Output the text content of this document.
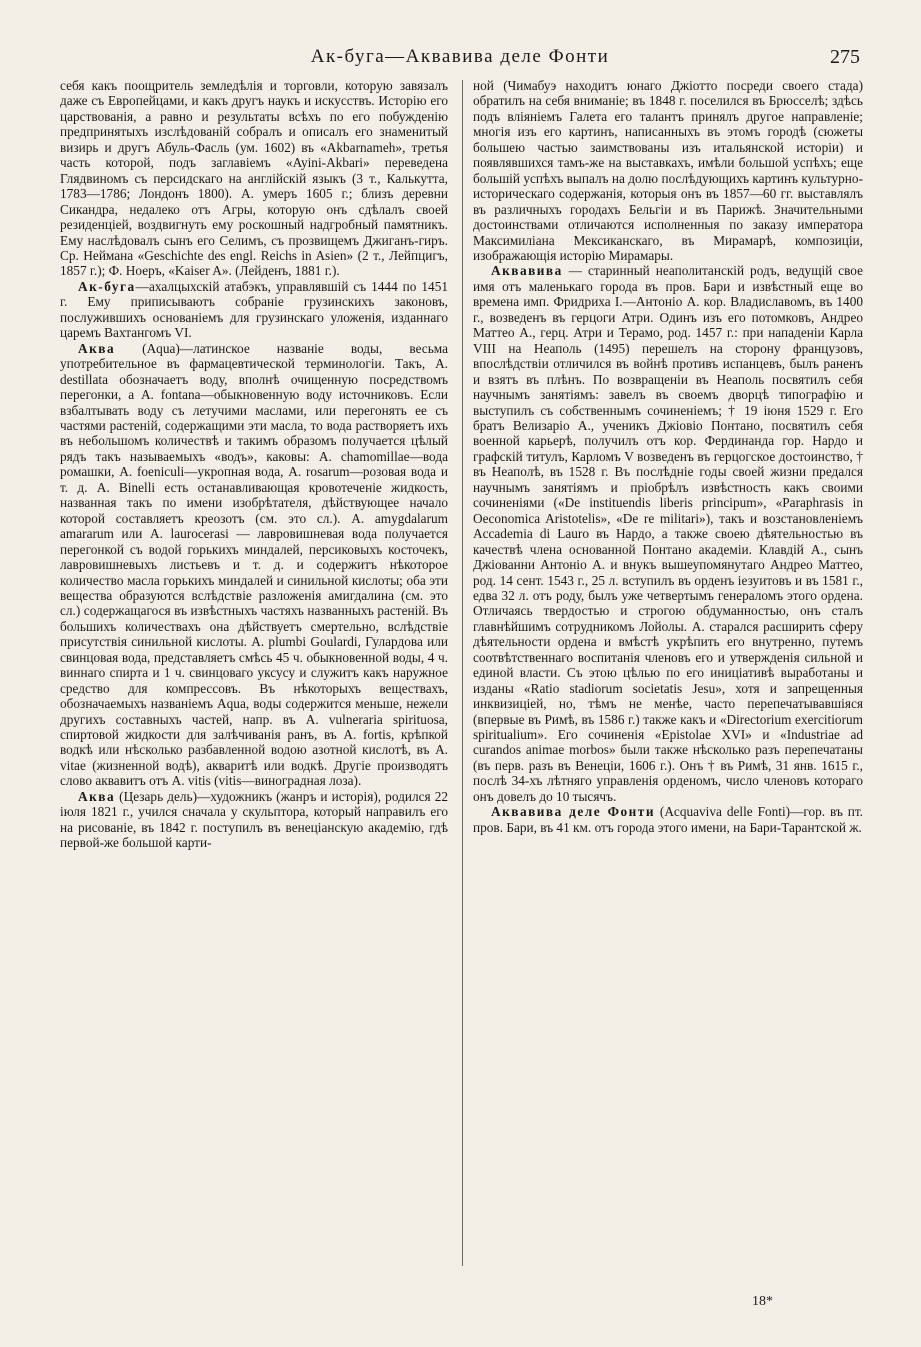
Ак-буга—Аквавива деле Фонти	275

себя какъ поощритель земледѣлія и торговли, которую завязалъ даже съ Европейцами, и какъ другъ наукъ и искусствъ. Исторію его царствованія, а равно и результаты всѣхъ по его побужденію предпринятыхъ изслѣдованій собралъ и описалъ его знаменитый визирь и другъ Абуль-Фасль (ум. 1602) въ «Akbarnameh», третья часть которой, подъ заглавіемъ «Ayini-Akbari» переведена Глядвиномъ съ персидскаго на англійскій языкъ (3 т., Калькутта, 1783—1786; Лондонъ 1800). А. умеръ 1605 г.; близъ деревни Сикандра, недалеко отъ Агры, которую онъ сдѣлалъ своей резиденціей, воздвигнуть ему роскошный надгробный памятникъ. Ему наслѣдовалъ сынъ его Селимъ, съ прозвищемъ Джиганъ-гиръ. Ср. Неймана «Geschichte des engl. Reichs in Asien» (2 т., Лейпцигъ, 1857 г.); Ф. Ноеръ, «Kaiser A». (Лейденъ, 1881 г.).

Ак-буга—ахалцыхскій атабэкъ, управлявшій съ 1444 по 1451 г. Ему приписываютъ собраніе грузинскихъ законовъ, послужившихъ основаніемъ для грузинскаго уложенія, изданнаго царемъ Вахтангомъ VI.

Аква (Aqua)—латинское названіе воды, весьма употребительное въ фармацевтической терминологіи. Такъ, А. destillata обозначаетъ воду, вполнѣ очищенную посредствомъ перегонки, а A. fontana—обыкновенную воду источниковъ. Если взбалтывать воду съ летучими маслами, или перегонять ее съ частями растеній, содержащими эти масла, то вода растворяетъ ихъ въ небольшомъ количествѣ и такимъ образомъ получается цѣлый рядъ такъ называемыхъ «водъ», каковы: A. chamomillae—вода ромашки, A. foeniculi—укропная вода, A. rosarum—розовая вода и т. д. A. Binelli есть останавливающая кровотеченіе жидкость, названная такъ по имени изобрѣтателя, дѣйствующее начало которой составляетъ креозотъ (см. это сл.). A. amygdalarum amararum или A. laurocerasi — лавровишневая вода получается перегонкой съ водой горькихъ миндалей, персиковыхъ косточекъ, лавровишневыхъ листьевъ и т. д. и содержитъ нѣкоторое количество масла горькихъ миндалей и синильной кислоты; оба эти вещества образуются вслѣдствіе разложенія амигдалина (см. это сл.) содержащагося въ извѣстныхъ частяхъ названныхъ растеній. Въ большихъ количествахъ она дѣйствуетъ смертельно, вслѣдствіе присутствія синильной кислоты. A. plumbi Goulardi, Гулардова или свинцовая вода, представляетъ смѣсь 45 ч. обыкновенной воды, 4 ч. виннаго спирта и 1 ч. свинцоваго уксусу и служитъ какъ наружное средство для компрессовъ. Въ нѣкоторыхъ веществахъ, обозначаемыхъ названіемъ Aqua, воды содержится меньше, нежели другихъ составныхъ частей, напр. въ A. vulneraria spirituosa, спиртовой жидкости для залѣчиванія ранъ, въ A. fortis, крѣпкой водкѣ или нѣсколько разбавленной водою азотной кислотѣ, въ A. vitae (жизненной водѣ), акваритѣ или водкѣ. Другіе производятъ слово аквавитъ отъ A. vitis (vitis—виноградная лоза).

Аква (Цезарь дель)—художникъ (жанръ и исторія), родился 22 іюля 1821 г., учился сначала у скульптора, который направилъ его на рисованіе, въ 1842 г. поступилъ въ венеціанскую академію, гдѣ первой-же большой карти-

ной (Чимабуэ находитъ юнаго Джіотто посреди своего стада) обратилъ на себя вниманіе; въ 1848 г. поселился въ Брюсселѣ; здѣсь подъ вліяніемъ Галета его талантъ принялъ другое направленіе; многія изъ его картинъ, написанныхъ въ этомъ городѣ (сюжеты большею частью заимствованы изъ итальянской исторіи) и появлявшихся тамъ-же на выставкахъ, имѣли большой успѣхъ; еще большій успѣхъ выпалъ на долю послѣдующихъ картинъ культурно-историческаго содержанія, которыя онъ въ 1857—60 гг. выставлялъ въ различныхъ городахъ Бельгіи и въ Парижѣ. Значительными достоинствами отличаются исполненныя по заказу императора Максимиліана Мексиканскаго, въ Мирамарѣ, композиціи, изображающія исторію Мирамары.

Аквавива — старинный неаполитанскій родъ, ведущій свое имя отъ маленькаго города въ пров. Бари и извѣстный еще во времена имп. Фридриха I.—Антоніо А. кор. Владиславомъ, въ 1400 г., возведенъ въ герцоги Атри. Одинъ изъ его потомковъ, Андрео Маттео А., герц. Атри и Терамо, род. 1457 г.: при нападеніи Карла VIII на Неаполь (1495) перешелъ на сторону французовъ, впослѣдствіи отличился въ войнѣ противъ испанцевъ, былъ раненъ и взятъ въ плѣнъ. По возвращеніи въ Неаполь посвятилъ себя научнымъ занятіямъ: завелъ въ своемъ дворцѣ типографію и выступилъ съ собственнымъ сочиненіемъ; † 19 іюня 1529 г. Его братъ Велизаріо А., ученикъ Джіовіо Понтано, посвятилъ себя военной карьерѣ, получилъ отъ кор. Фердинанда гор. Нардо и графскій титулъ, Карломъ V возведенъ въ герцогское достоинство, † въ Неаполѣ, въ 1528 г. Въ послѣдніе годы своей жизни предался научнымъ занятіямъ и пріобрѣлъ извѣстность какъ своими сочиненіями («De instituendis liberis principum», «Paraphrasis in Oeconomica Aristotelis», «De re militari»), такъ и возстановленіемъ Accademia di Lauro въ Нардо, а также своею дѣятельностью въ качествѣ члена основанной Понтано академіи. Клавдій А., сынъ Джіованни Антоніо А. и внукъ вышеупомянутаго Андрео Маттео, род. 14 сент. 1543 г., 25 л. вступилъ въ орденъ іезуитовъ и въ 1581 г., едва 32 л. отъ роду, былъ уже четвертымъ генераломъ этого ордена. Отличаясь твердостью и строгою обдуманностью, онъ сталъ главнѣйшимъ сотрудникомъ Лойолы. А. старался расширить сферу дѣятельности ордена и вмѣстѣ укрѣпить его внутренно, путемъ соотвѣтственнаго воспитанія членовъ его и утвержденія сильной и единой власти. Съ этою цѣлью по его иниціативѣ выработаны и изданы «Ratio stadiorum societatis Jesu», хотя и запрещенныя инквизиціей, но, тѣмъ не менѣе, часто перепечатывавшіяся (впервые въ Римѣ, въ 1586 г.) также какъ и «Directorium exercitiorum spiritualium». Его сочиненія «Epistolae XVI» и «Industriae ad curandos animae morbos» были также нѣсколько разъ перепечатаны (въ перв. разъ въ Венеціи, 1606 г.). Онъ † въ Римѣ, 31 янв. 1615 г., послѣ 34-хъ лѣтняго управленія орденомъ, число членовъ котораго онъ довелъ до 10 тысячъ.

Аквавива деле Фонти (Acquaviva delle Fonti)—гор. въ пт. пров. Бари, въ 41 км. отъ города этого имени, на Бари-Тарантской ж.

18*
